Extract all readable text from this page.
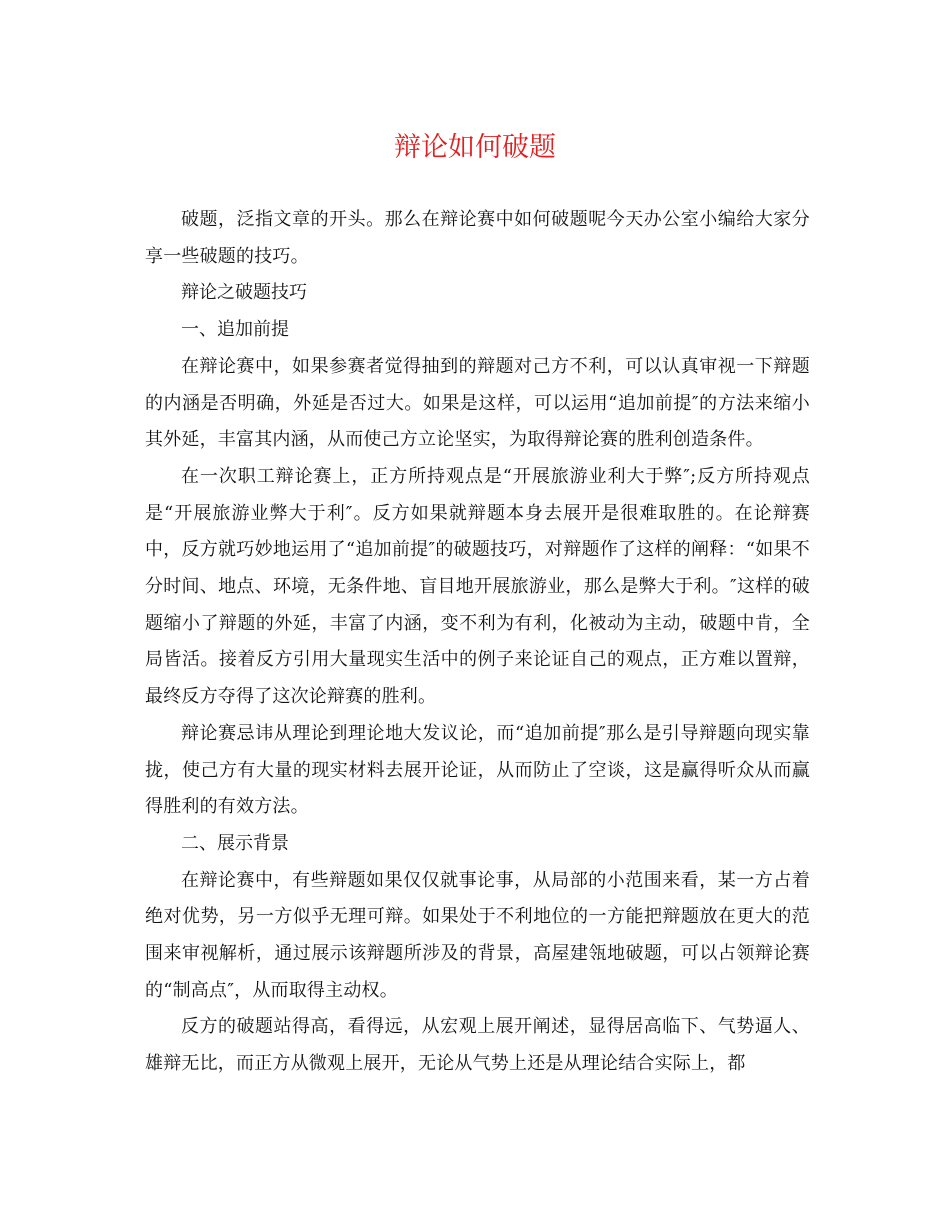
辩论如何破题

破题，泛指文章的开头。那么在辩论赛中如何破题呢今天办公室小编给大家分享一些破题的技巧。

辩论之破题技巧

一、追加前提

在辩论赛中，如果参赛者觉得抽到的辩题对己方不利，可以认真审视一下辩题的内涵是否明确，外延是否过大。如果是这样，可以运用“追加前提″的方法来缩小其外延，丰富其内涵，从而使己方立论坚实，为取得辩论赛的胜利创造条件。

在一次职工辩论赛上，正方所持观点是“开展旅游业利大于弊″;反方所持观点是“开展旅游业弊大于利″。反方如果就辩题本身去展开是很难取胜的。在论辩赛中，反方就巧妙地运用了“追加前提″的破题技巧，对辩题作了这样的阐释：“如果不分时间、地点、环境，无条件地、盲目地开展旅游业，那么是弊大于利。″这样的破题缩小了辩题的外延，丰富了内涵，变不利为有利，化被动为主动，破题中肯，全局皆活。接着反方引用大量现实生活中的例子来论证自己的观点，正方难以置辩，最终反方夺得了这次论辩赛的胜利。

辩论赛忌讳从理论到理论地大发议论，而“追加前提″那么是引导辩题向现实靠拢，使己方有大量的现实材料去展开论证，从而防止了空谈，这是赢得听众从而赢得胜利的有效方法。

二、展示背景

在辩论赛中，有些辩题如果仅仅就事论事，从局部的小范围来看，某一方占着绝对优势，另一方似乎无理可辩。如果处于不利地位的一方能把辩题放在更大的范围来审视解析，通过展示该辩题所涉及的背景，高屋建瓴地破题，可以占领辩论赛的“制高点″，从而取得主动权。

反方的破题站得高，看得远，从宏观上展开阐述，显得居高临下、气势逼人、雄辩无比，而正方从微观上展开，无论从气势上还是从理论结合实际上，都
